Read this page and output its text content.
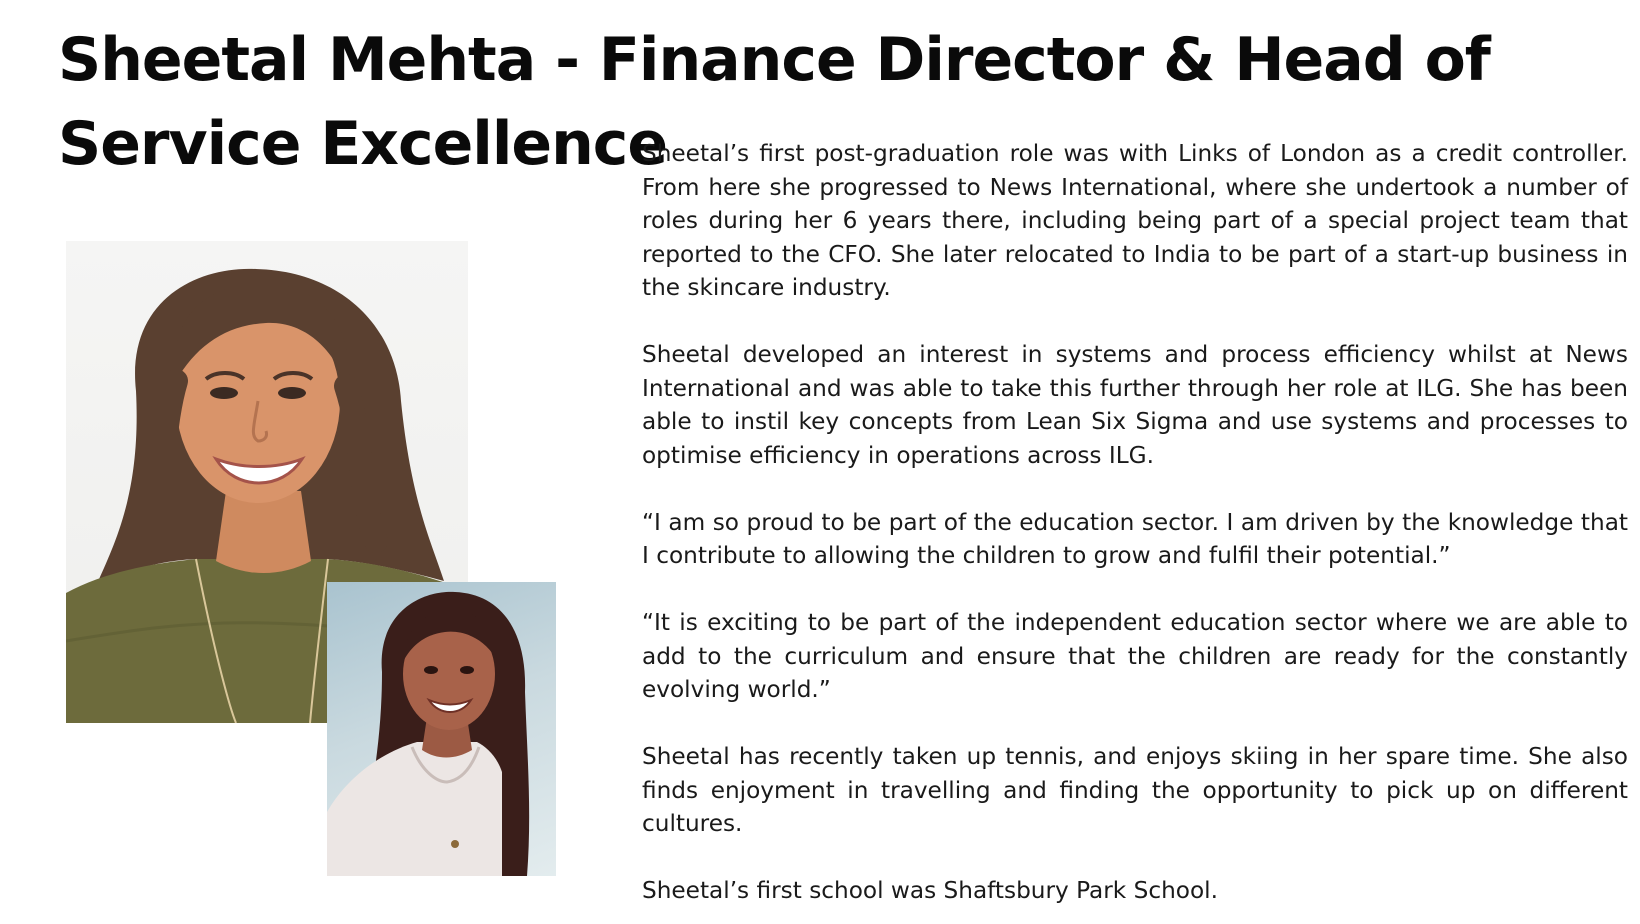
Sheetal Mehta - Finance Director & Head of
Service Excellence

Sheetal’s first post-graduation role was with Links of London as a credit controller. From here she progressed to News International, where she undertook a number of roles during her 6 years there, including being part of a special project team that reported to the CFO. She later relocated to India to be part of a start-up business in the skincare industry.

Sheetal developed an interest in systems and process efficiency whilst at News International and was able to take this further through her role at ILG. She has been able to instil key concepts from Lean Six Sigma and use systems and processes to optimise efficiency in operations across ILG.

“I am so proud to be part of the education sector. I am driven by the knowledge that I contribute to allowing the children to grow and fulfil their potential.”

“It is exciting to be part of the independent education sector where we are able to add to the curriculum and ensure that the children are ready for the constantly evolving world.”

Sheetal has recently taken up tennis, and enjoys skiing in her spare time. She also finds enjoyment in travelling and finding the opportunity to pick up on different cultures.

Sheetal’s first school was Shaftsbury Park School.
